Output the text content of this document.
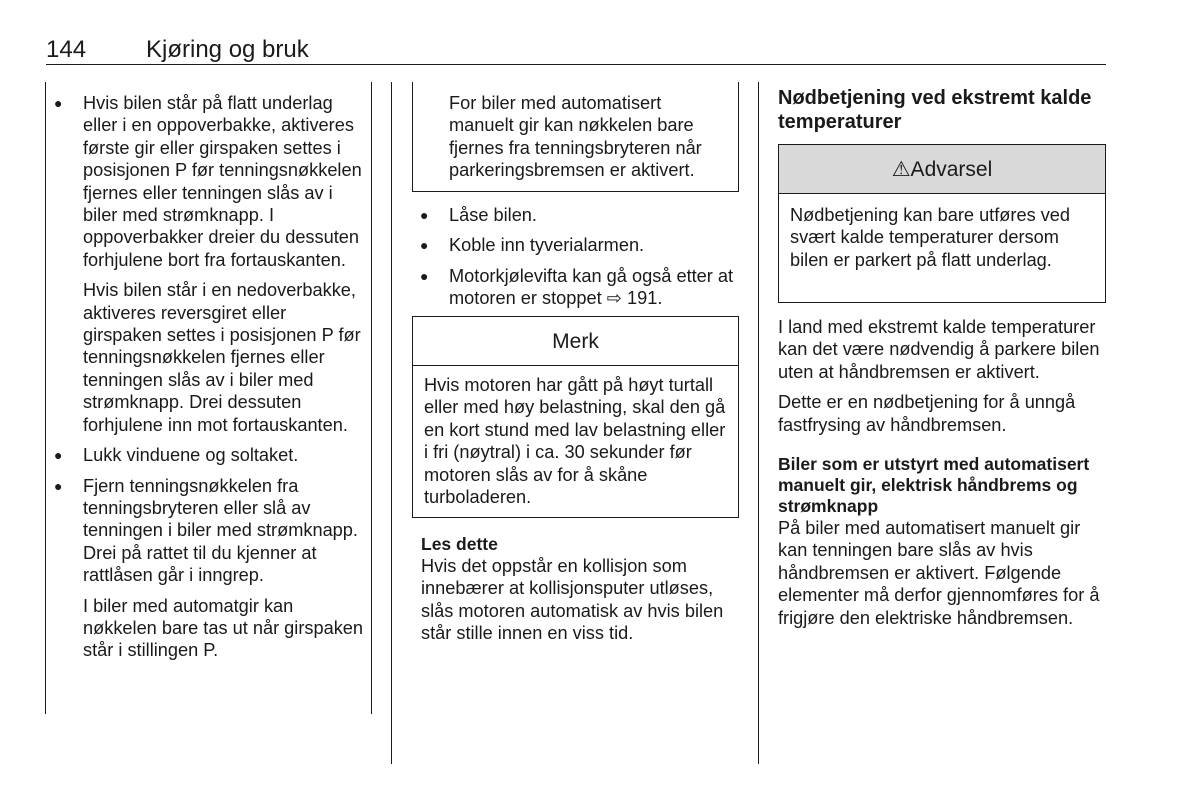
144 Kjøring og bruk
● Hvis bilen står på flatt underlag eller i en oppoverbakke, aktiveres første gir eller girspaken settes i posisjonen P før tenningsnøkkelen fjernes eller tenningen slås av i biler med strømknapp. I oppoverbakker dreier du dessuten forhjulene bort fra fortauskanten.

Hvis bilen står i en nedoverbakke, aktiveres reversgiret eller girspaken settes i posisjonen P før tenningsnøkkelen fjernes eller tenningen slås av i biler med strømknapp. Drei dessuten forhjulene inn mot fortauskanten.

● Lukk vinduene og soltaket.

● Fjern tenningsnøkkelen fra tenningsbryteren eller slå av tenningen i biler med strømknapp. Drei på rattet til du kjenner at rattlåsen går i inngrep.

I biler med automatgir kan nøkkelen bare tas ut når girspaken står i stillingen P.

For biler med automatisert manuelt gir kan nøkkelen bare fjernes fra tenningsbryteren når parkeringsbremsen er aktivert.

● Låse bilen.

● Koble inn tyverialarmen.

● Motorkjølevifta kan gå også etter at motoren er stoppet ⇨ 191.

Merk

Hvis motoren har gått på høyt turtall eller med høy belastning, skal den gå en kort stund med lav belastning eller i fri (nøytral) i ca. 30 sekunder før motoren slås av for å skåne turboladeren.

Les dette

Hvis det oppstår en kollisjon som innebærer at kollisjonsputer utløses, slås motoren automatisk av hvis bilen står stille innen en viss tid.

Nødbetjening ved ekstremt kalde temperaturer

⚠Advarsel

Nødbetjening kan bare utføres ved svært kalde temperaturer dersom bilen er parkert på flatt underlag.

I land med ekstremt kalde temperaturer kan det være nødvendig å parkere bilen uten at håndbremsen er aktivert.

Dette er en nødbetjening for å unngå fastfrysing av håndbremsen.

Biler som er utstyrt med automatisert manuelt gir, elektrisk håndbrems og strømknapp

På biler med automatisert manuelt gir kan tenningen bare slås av hvis håndbremsen er aktivert. Følgende elementer må derfor gjennomføres for å frigjøre den elektriske håndbremsen.
